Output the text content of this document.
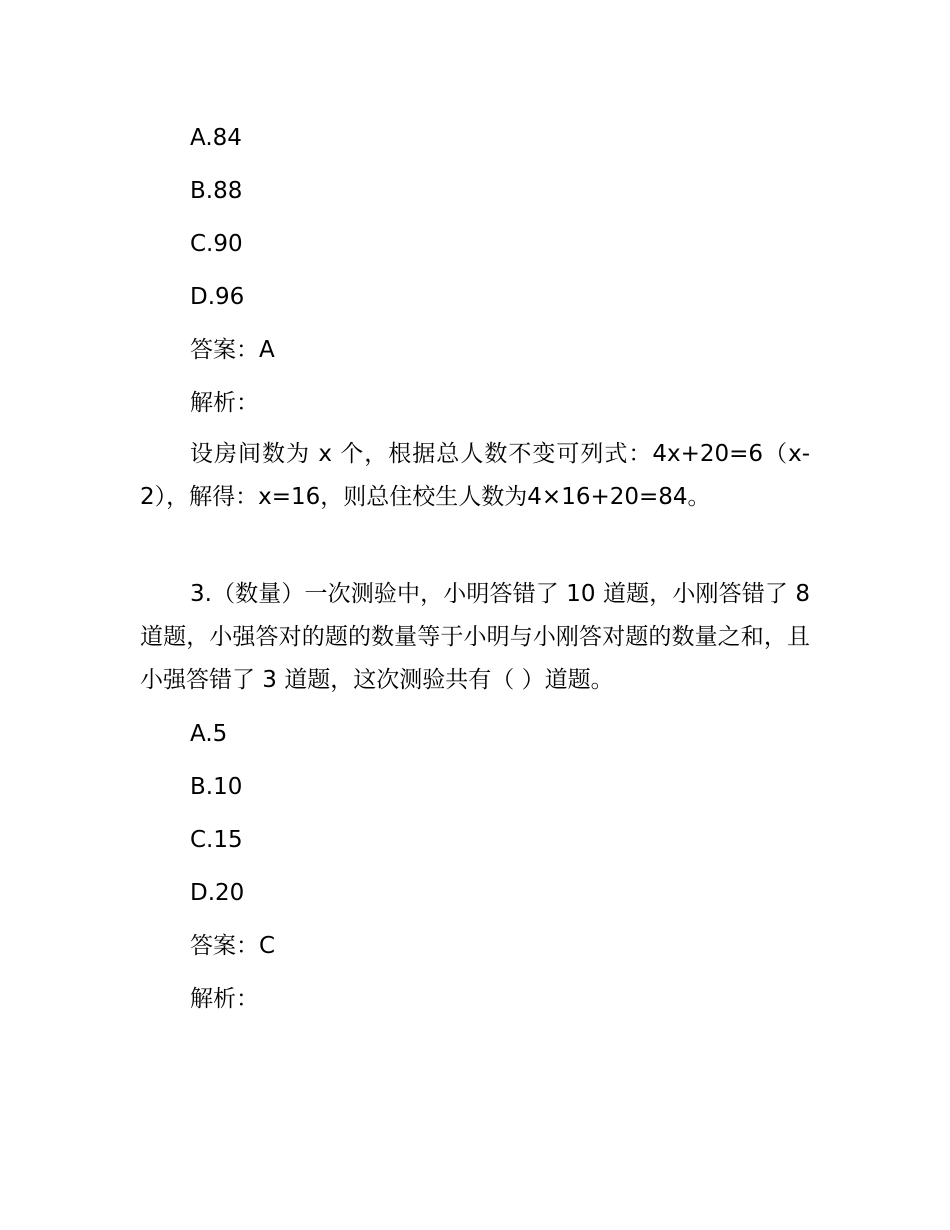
A.84

B.88

C.90

D.96

答案：A

解析：

设房间数为 x 个，根据总人数不变可列式：4x+20=6（x-2），解得：x=16，则总住校生人数为4×16+20=84。

3.（数量）一次测验中，小明答错了 10 道题，小刚答错了 8 道题，小强答对的题的数量等于小明与小刚答对题的数量之和，且小强答错了 3 道题，这次测验共有（ ）道题。

A.5

B.10

C.15

D.20

答案：C

解析：
